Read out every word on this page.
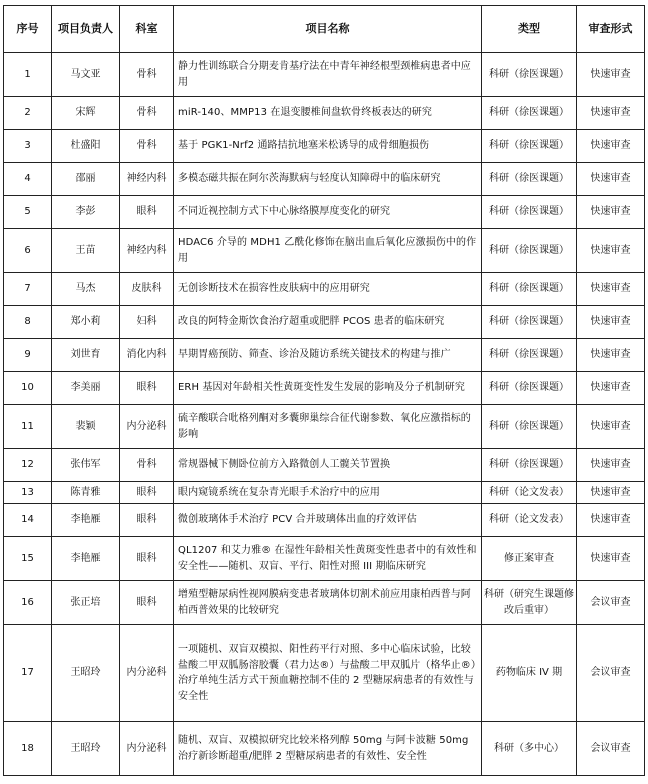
序号	项目负责人	科室	项目名称	类型	审查形式
1	马文亚	骨科	静力性训练联合分期麦肯基疗法在中青年神经根型颈椎病患者中应用	科研（徐医课题）	快速审查
2	宋辉	骨科	miR-140、MMP13 在退变腰椎间盘软骨终板表达的研究	科研（徐医课题）	快速审查
3	杜盛阳	骨科	基于 PGK1-Nrf2 通路拮抗地塞米松诱导的成骨细胞损伤	科研（徐医课题）	快速审查
4	邵丽	神经内科	多模态磁共振在阿尔茨海默病与轻度认知障碍中的临床研究	科研（徐医课题）	快速审查
5	李彭	眼科	不同近视控制方式下中心脉络膜厚度变化的研究	科研（徐医课题）	快速审查
6	王苗	神经内科	HDAC6 介导的 MDH1 乙酰化修饰在脑出血后氧化应激损伤中的作用	科研（徐医课题）	快速审查
7	马杰	皮肤科	无创诊断技术在损容性皮肤病中的应用研究	科研（徐医课题）	快速审查
8	郑小莉	妇科	改良的阿特金斯饮食治疗超重或肥胖 PCOS 患者的临床研究	科研（徐医课题）	快速审查
9	刘世育	消化内科	早期胃癌预防、筛查、诊治及随访系统关键技术的构建与推广	科研（徐医课题）	快速审查
10	李美丽	眼科	ERH 基因对年龄相关性黄斑变性发生发展的影响及分子机制研究	科研（徐医课题）	快速审查
11	裴颖	内分泌科	硫辛酸联合吡格列酮对多囊卵巢综合征代谢参数、氧化应激指标的影响	科研（徐医课题）	快速审查
12	张伟军	骨科	常规器械下侧卧位前方入路微创人工髋关节置换	科研（徐医课题）	快速审查
13	陈青雅	眼科	眼内窥镜系统在复杂青光眼手术治疗中的应用	科研（论文发表）	快速审查
14	李艳雁	眼科	微创玻璃体手术治疗 PCV 合并玻璃体出血的疗效评估	科研（论文发表）	快速审查
15	李艳雁	眼科	QL1207 和艾力雅® 在湿性年龄相关性黄斑变性患者中的有效性和安全性——随机、双盲、平行、阳性对照 III 期临床研究	修正案审查	快速审查
16	张正培	眼科	增殖型糖尿病性视网膜病变患者玻璃体切割术前应用康柏西普与阿柏西普效果的比较研究	科研（研究生课题修改后重审）	会议审查
17	王昭玲	内分泌科	一项随机、双盲双模拟、阳性药平行对照、多中心临床试验，比较盐酸二甲双胍肠溶胶囊（君力达®）与盐酸二甲双胍片（格华止®）治疗单纯生活方式干预血糖控制不佳的 2 型糖尿病患者的有效性与安全性	药物临床 IV 期	会议审查
18	王昭玲	内分泌科	随机、双盲、双模拟研究比较米格列醇 50mg 与阿卡波糖 50mg 治疗新诊断超重/肥胖 2 型糖尿病患者的有效性、安全性	科研（多中心）	会议审查
